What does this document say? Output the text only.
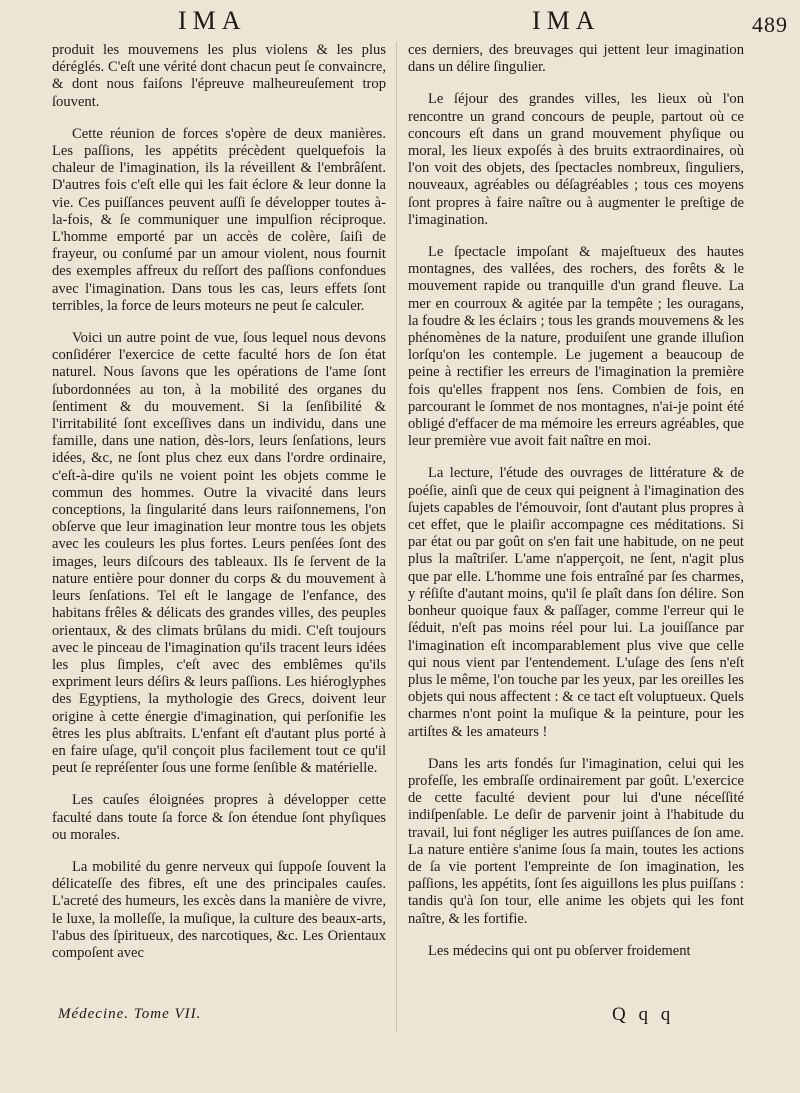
IMA	IMA	489

produit les mouvemens les plus violens & les plus déréglés. C'eſt une vérité dont chacun peut ſe convaincre, & dont nous faiſons l'épreuve malheureuſement trop ſouvent.

Cette réunion de forces s'opère de deux manières. Les paſſions, les appétits précèdent quelquefois la chaleur de l'imagination, ils la réveillent & l'embrâſent. D'autres fois c'eſt elle qui les fait éclore & leur donne la vie. Ces puiſſances peuvent auſſi ſe développer toutes à-la-fois, & ſe communiquer une impulſion réciproque. L'homme emporté par un accès de colère, ſaiſi de frayeur, ou conſumé par un amour violent, nous fournit des exemples affreux du reſſort des paſſions confondues avec l'imagination. Dans tous les cas, leurs effets ſont terribles, la force de leurs moteurs ne peut ſe calculer.

Voici un autre point de vue, ſous lequel nous devons conſidérer l'exercice de cette faculté hors de ſon état naturel. Nous ſavons que les opérations de l'ame ſont ſubordonnées au ton, à la mobilité des organes du ſentiment & du mouvement. Si la ſenſibilité & l'irritabilité ſont exceſſives dans un individu, dans une famille, dans une nation, dès-lors, leurs ſenſations, leurs idées, &c, ne ſont plus chez eux dans l'ordre ordinaire, c'eſt-à-dire qu'ils ne voient point les objets comme le commun des hommes. Outre la vivacité dans leurs conceptions, la ſingularité dans leurs raiſonnemens, l'on obſerve que leur imagination leur montre tous les objets avec les couleurs les plus fortes. Leurs penſées ſont des images, leurs diſcours des tableaux. Ils ſe ſervent de la nature entière pour donner du corps & du mouvement à leurs ſenſations. Tel eſt le langage de l'enfance, des habitans frêles & délicats des grandes villes, des peuples orientaux, & des climats brûlans du midi. C'eſt toujours avec le pinceau de l'imagination qu'ils tracent leurs idées les plus ſimples, c'eſt avec des emblêmes qu'ils expriment leurs déſirs & leurs paſſions. Les hiéroglyphes des Egyptiens, la mythologie des Grecs, doivent leur origine à cette énergie d'imagination, qui perſonifie les êtres les plus abſtraits. L'enfant eſt d'autant plus porté à en faire uſage, qu'il conçoit plus facilement tout ce qu'il peut ſe repréſenter ſous une forme ſenſible & matérielle.

Les cauſes éloignées propres à développer cette faculté dans toute ſa force & ſon étendue ſont phyſiques ou morales.

La mobilité du genre nerveux qui ſuppoſe ſouvent la délicateſſe des fibres, eſt une des principales cauſes. L'acreté des humeurs, les excès dans la manière de vivre, le luxe, la molleſſe, la muſique, la culture des beaux-arts, l'abus des ſpiritueux, des narcotiques, &c. Les Orientaux compoſent avec

ces derniers, des breuvages qui jettent leur imagination dans un délire ſingulier.

Le ſéjour des grandes villes, les lieux où l'on rencontre un grand concours de peuple, partout où ce concours eſt dans un grand mouvement phyſique ou moral, les lieux expoſés à des bruits extraordinaires, où l'on voit des objets, des ſpectacles nombreux, ſinguliers, nouveaux, agréables ou déſagréables ; tous ces moyens ſont propres à faire naître ou à augmenter le preſtige de l'imagination.

Le ſpectacle impoſant & majeſtueux des hautes montagnes, des vallées, des rochers, des forêts & le mouvement rapide ou tranquille d'un grand fleuve. La mer en courroux & agitée par la tempête ; les ouragans, la foudre & les éclairs ; tous les grands mouvemens & les phénomènes de la nature, produiſent une grande illuſion lorſqu'on les contemple. Le jugement a beaucoup de peine à rectifier les erreurs de l'imagination la première fois qu'elles frappent nos ſens. Combien de fois, en parcourant le ſommet de nos montagnes, n'ai-je point été obligé d'effacer de ma mémoire les erreurs agréables, que leur première vue avoit fait naître en moi.

La lecture, l'étude des ouvrages de littérature & de poéſie, ainſi que de ceux qui peignent à l'imagination des ſujets capables de l'émouvoir, ſont d'autant plus propres à cet effet, que le plaiſir accompagne ces méditations. Si par état ou par goût on s'en fait une habitude, on ne peut plus la maîtriſer. L'ame n'apperçoit, ne ſent, n'agit plus que par elle. L'homme une fois entraîné par ſes charmes, y réſiſte d'autant moins, qu'il ſe plaît dans ſon délire. Son bonheur quoique faux & paſſager, comme l'erreur qui le ſéduit, n'eſt pas moins réel pour lui. La jouiſſance par l'imagination eſt incomparablement plus vive que celle qui nous vient par l'entendement. L'uſage des ſens n'eſt plus le même, l'on touche par les yeux, par les oreilles les objets qui nous affectent : & ce tact eſt voluptueux. Quels charmes n'ont point la muſique & la peinture, pour les artiſtes & les amateurs !

Dans les arts fondés ſur l'imagination, celui qui les profeſſe, les embraſſe ordinairement par goût. L'exercice de cette faculté devient pour lui d'une néceſſité indiſpenſable. Le deſir de parvenir joint à l'habitude du travail, lui font négliger les autres puiſſances de ſon ame. La nature entière s'anime ſous ſa main, toutes les actions de ſa vie portent l'empreinte de ſon imagination, les paſſions, les appétits, ſont ſes aiguillons les plus puiſſans : tandis qu'à ſon tour, elle anime les objets qui les font naître, & les fortifie.

Les médecins qui ont pu obſerver froidement

Médecine. Tome VII.	Q q q
